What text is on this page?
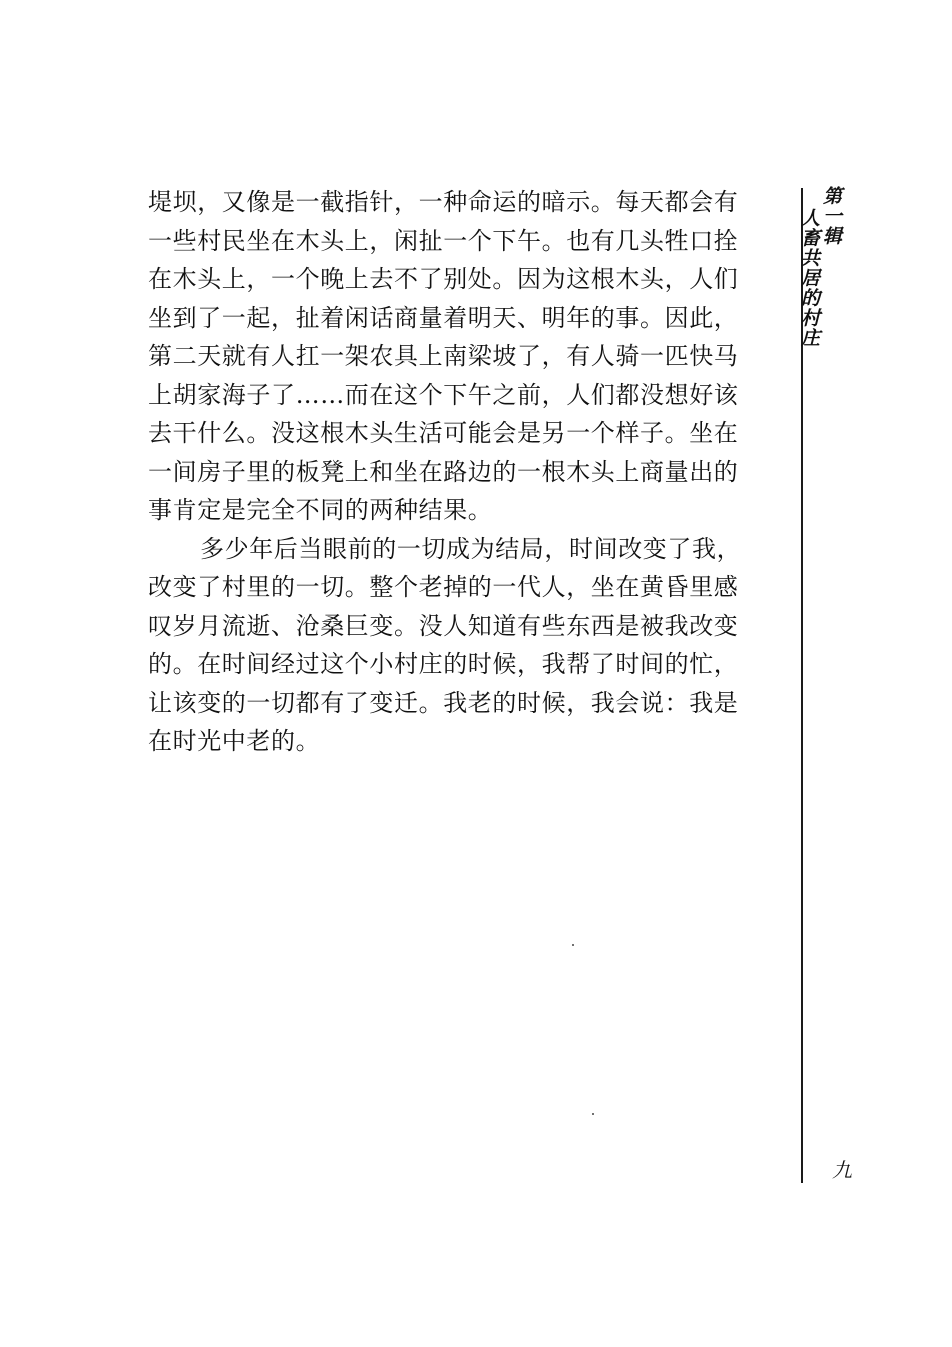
堤坝，又像是一截指针，一种命运的暗示。每天都会有
一些村民坐在木头上，闲扯一个下午。也有几头牲口拴
在木头上，一个晚上去不了别处。因为这根木头，人们
坐到了一起，扯着闲话商量着明天、明年的事。因此，
第二天就有人扛一架农具上南梁坡了，有人骑一匹快马
上胡家海子了……而在这个下午之前，人们都没想好该
去干什么。没这根木头生活可能会是另一个样子。坐在
一间房子里的板凳上和坐在路边的一根木头上商量出的
事肯定是完全不同的两种结果。
多少年后当眼前的一切成为结局，时间改变了我，
改变了村里的一切。整个老掉的一代人，坐在黄昏里感
叹岁月流逝、沧桑巨变。没人知道有些东西是被我改变
的。在时间经过这个小村庄的时候，我帮了时间的忙，
让该变的一切都有了变迁。我老的时候，我会说：我是
在时光中老的。
第一辑
人畜共居的村庄
九
